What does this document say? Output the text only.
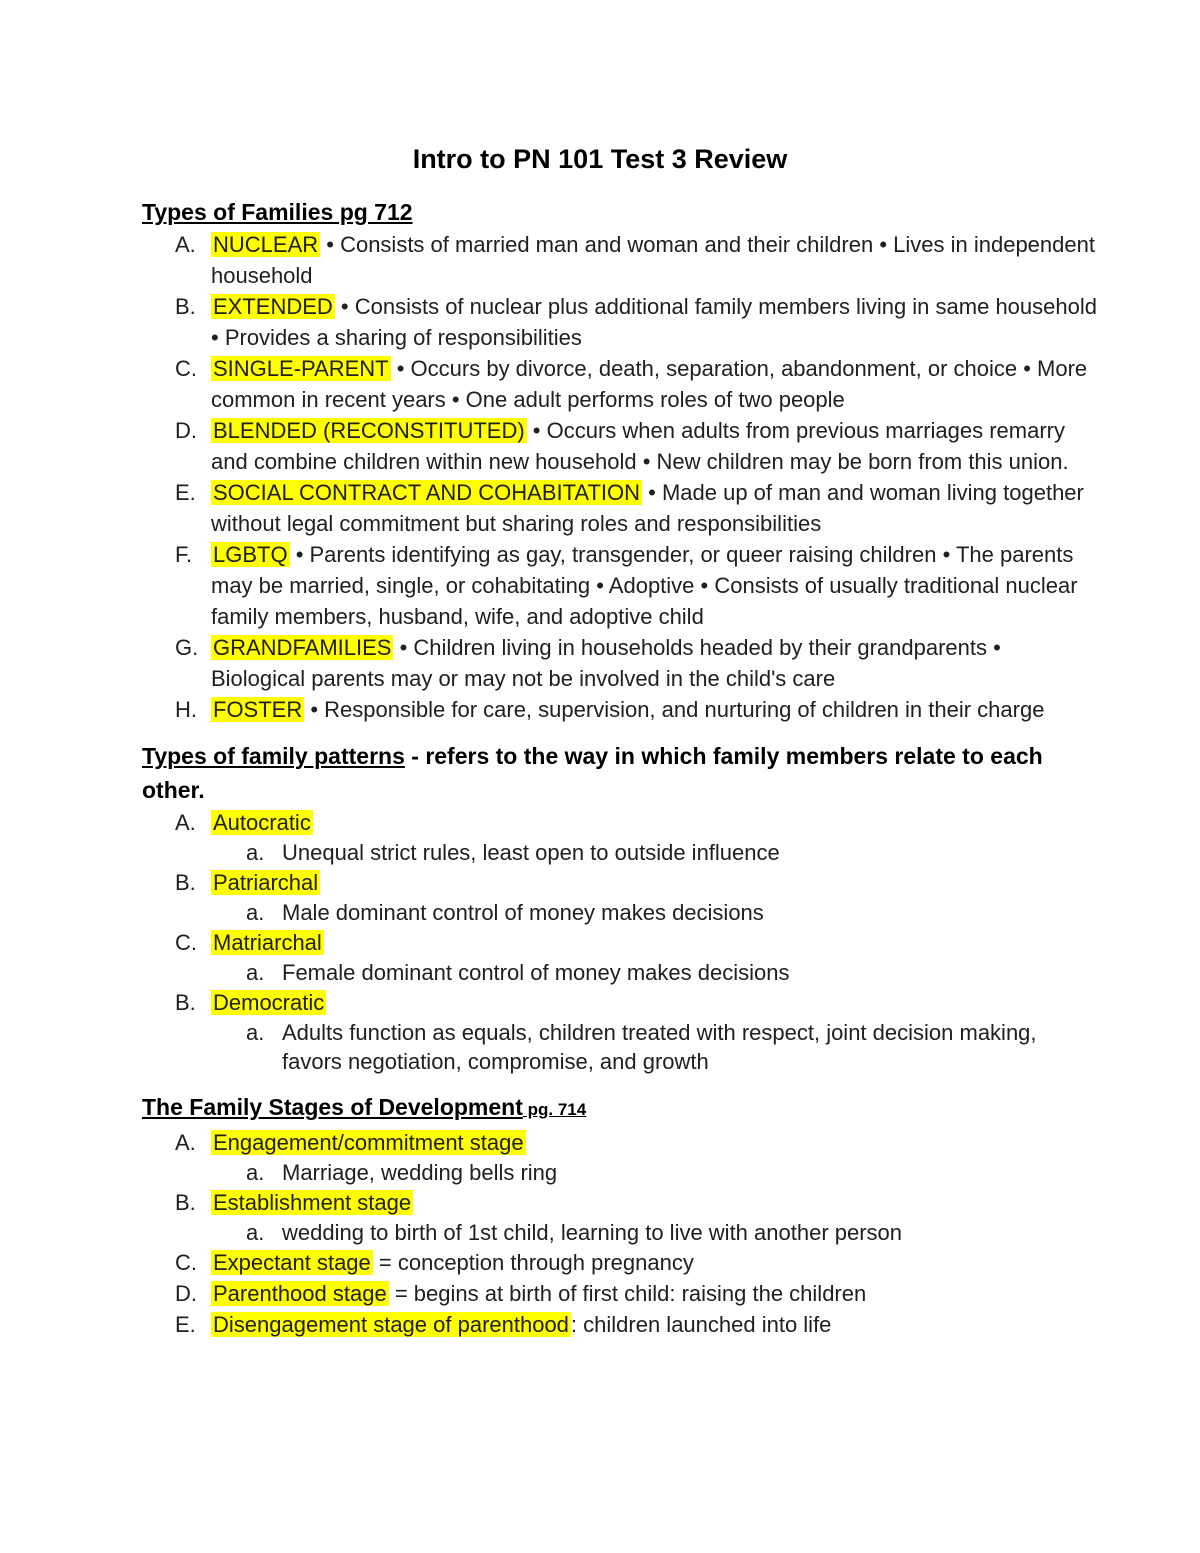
Intro to PN 101 Test 3 Review
Types of Families pg 712
A. NUCLEAR • Consists of married man and woman and their children • Lives in independent household
B. EXTENDED • Consists of nuclear plus additional family members living in same household • Provides a sharing of responsibilities
C. SINGLE-PARENT • Occurs by divorce, death, separation, abandonment, or choice • More common in recent years • One adult performs roles of two people
D. BLENDED (RECONSTITUTED) • Occurs when adults from previous marriages remarry and combine children within new household • New children may be born from this union.
E. SOCIAL CONTRACT AND COHABITATION • Made up of man and woman living together without legal commitment but sharing roles and responsibilities
F. LGBTQ • Parents identifying as gay, transgender, or queer raising children • The parents may be married, single, or cohabitating • Adoptive • Consists of usually traditional nuclear family members, husband, wife, and adoptive child
G. GRANDFAMILIES • Children living in households headed by their grandparents • Biological parents may or may not be involved in the child's care
H. FOSTER • Responsible for care, supervision, and nurturing of children in their charge
Types of family patterns - refers to the way in which family members relate to each other.
A. Autocratic
a. Unequal strict rules, least open to outside influence
B. Patriarchal
a. Male dominant control of money makes decisions
C. Matriarchal
a. Female dominant control of money makes decisions
B. Democratic
a. Adults function as equals, children treated with respect, joint decision making, favors negotiation, compromise, and growth
The Family Stages of Development pg. 714
A. Engagement/commitment stage
a. Marriage, wedding bells ring
B. Establishment stage
a. wedding to birth of 1st child, learning to live with another person
C. Expectant stage = conception through pregnancy
D. Parenthood stage = begins at birth of first child: raising the children
E. Disengagement stage of parenthood: children launched into life
